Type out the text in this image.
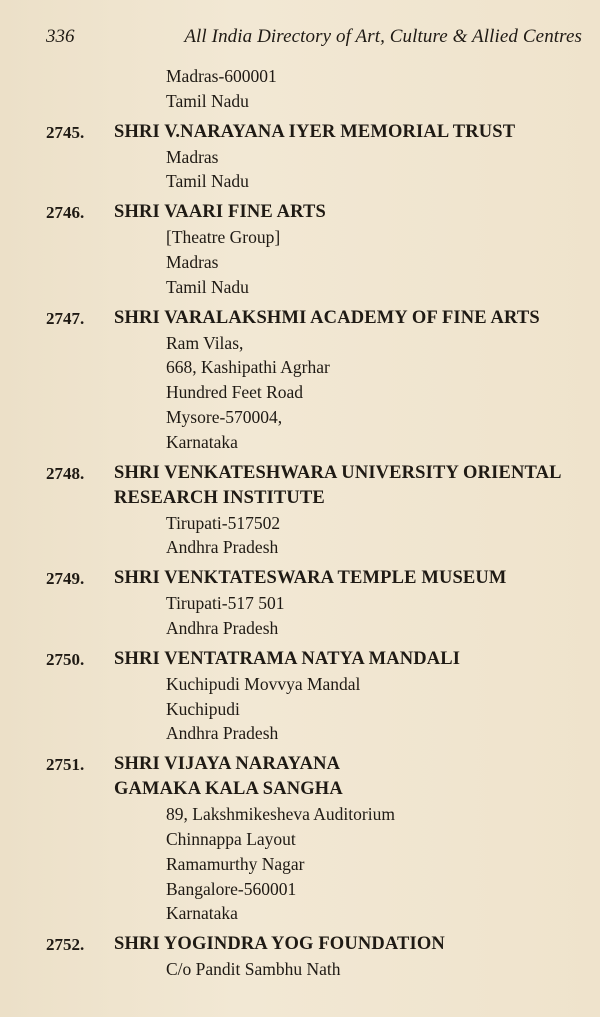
336	All India Directory of Art, Culture & Allied Centres
Madras-600001
Tamil Nadu
2745.	SHRI V.NARAYANA IYER MEMORIAL TRUST
Madras
Tamil Nadu
2746.	SHRI VAARI FINE ARTS
[Theatre Group]
Madras
Tamil Nadu
2747.	SHRI VARALAKSHMI ACADEMY OF FINE ARTS
Ram Vilas,
668, Kashipathi Agrhar
Hundred Feet Road
Mysore-570004,
Karnataka
2748.	SHRI VENKATESHWARA UNIVERSITY ORIENTAL
RESEARCH INSTITUTE
Tirupati-517502
Andhra Pradesh
2749.	SHRI VENKTATESWARA TEMPLE MUSEUM
Tirupati-517 501
Andhra Pradesh
2750.	SHRI VENTATRAMA NATYA MANDALI
Kuchipudi Movvya Mandal
Kuchipudi
Andhra Pradesh
2751.	SHRI VIJAYA NARAYANA
GAMAKA KALA SANGHA
89, Lakshmikesheva Auditorium
Chinnappa Layout
Ramamurthy Nagar
Bangalore-560001
Karnataka
2752.	SHRI YOGINDRA YOG FOUNDATION
C/o Pandit Sambhu Nath
